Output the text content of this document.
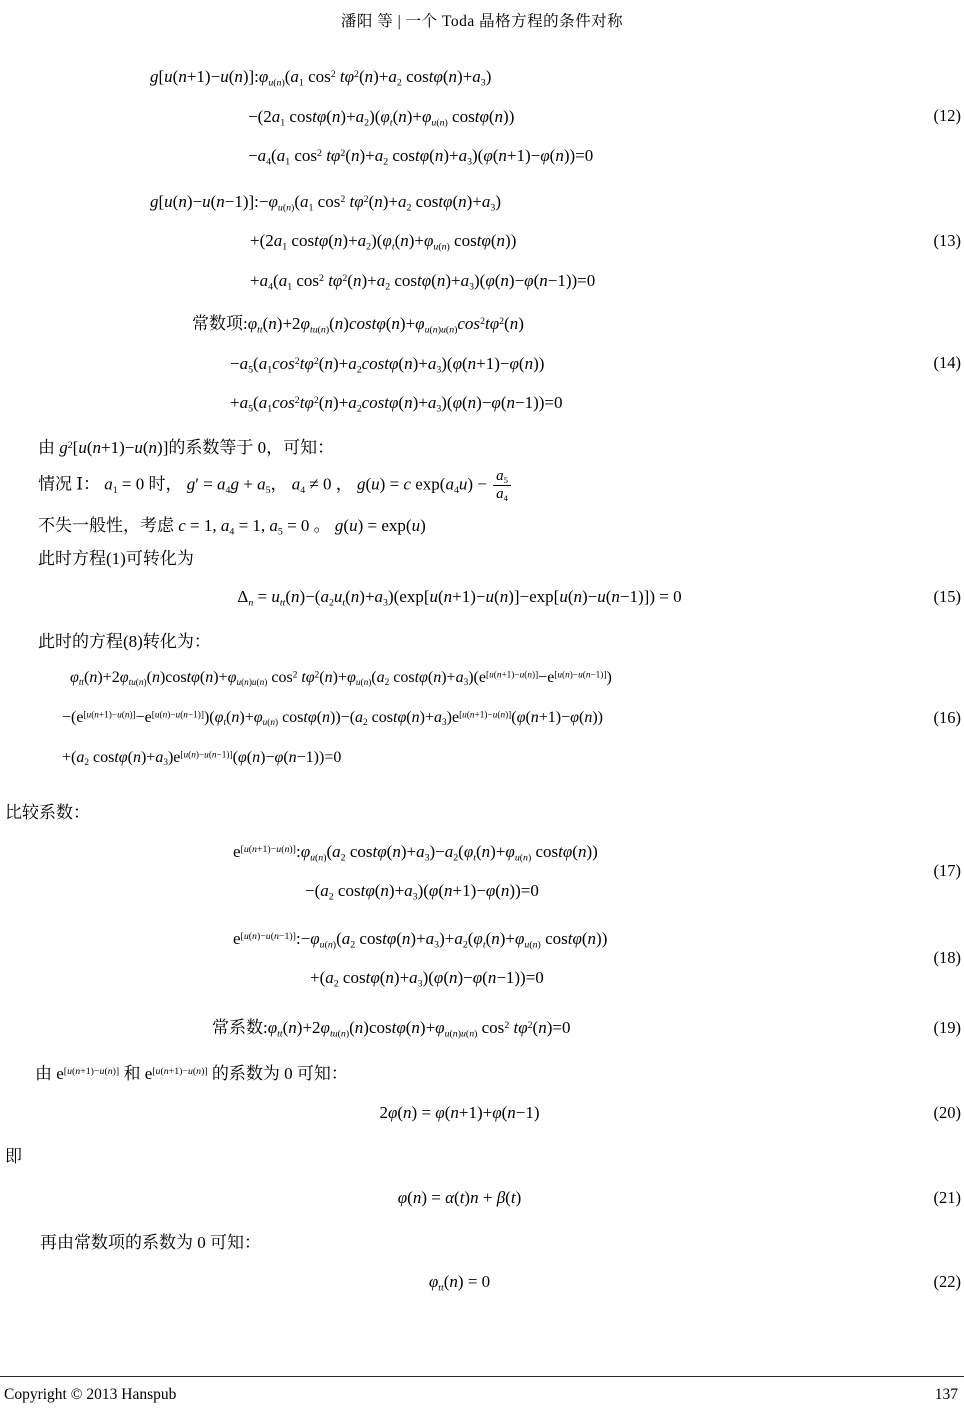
潘阳 等 | 一个 Toda 晶格方程的条件对称
$g[u(n+1)-u(n)]:\varphi_{u(n)}(a_1$ $\cos^2 t\varphi^2(n)+a_2$ $\cos t\varphi(n)+a_3$)
$-(2a_1$ $\cos t\varphi(n)+a_2)(\varphi_t(n)+\varphi_{u(n)}$ costφ(n))
$-a_4(a_1$ $\cos^2 t\varphi^2(n)+a_2$ $\cos t\varphi(n)+a_3)(\varphi(n+1)-\varphi(n))=0$
(12)
$g[u(n)-u(n-1)]:-\varphi_{u(n)}(a_1$ $\cos^2 t\varphi^2(n)+a_2$ $\cos t\varphi(n)+a_3$)
$+(2a_1$ $\cos t\varphi(n)+a_2)(\varphi_t(n)+\varphi_{u(n)}$ costφ(n))
$+a_4(a_1$ $\cos^2 t\varphi^2(n)+a_2$ $\cos t\varphi(n)+a_3)(\varphi(n)-\varphi(n-1))=0$
(13)
常数项$:\varphi_{tt}(n)+2\varphi_{tu(n)}(n)\cos t\varphi(n)+\varphi_{u(n)u(n)}\cos^2t\varphi^2(n)$
$-a_5(a_1\cos^2t\varphi^2(n)+a_2\cos t\varphi(n)+a_3)(\varphi(n+1)-\varphi(n))$
$+a_5(a_1\cos^2t\varphi^2(n)+a_2\cos t\varphi(n)+a_3)(\varphi(n)-\varphi(n-1))=0$
(14)
由 $g^2[u(n+1)-u(n)]$的系数等于 0，可知：
情况 Ⅰ： $a_1 = 0$ 时， $g' = a_4g + a_5$， $a_4 \ne 0$ ， g(u) = c $\exp(a_4u) - \frac{a_5}{a_4}$
不失一般性，考虑 c = 1, $a_4 = 1$, $a_5 = 0$ 。 g(u) = exp(u)
此时方程(1)可转化为
$\Delta_n = u_{tt}(n)-(a_2u_t(n)+a_3)(\exp[u(n+1)-u(n)]-\exp[u(n)-u(n-1)]) = 0$	(15)
此时的方程(8)转化为：
$\varphi_{tt}(n)+2\varphi_{tu(n)}(n)\cos t\varphi(n)+\varphi_{u(n)u(n)}$ $\cos^2 t\varphi^2(n)+\varphi_{u(n)}(a_2$ $\cos t\varphi(n)+a_3)(e[u(n+1)-u(n)]-e[u(n)-u(n-1)])$
$-(e[u(n+1)-u(n)]-e[u(n)-u(n-1)])(\varphi_t(n)+\varphi_{u(n)}$ $\cos t\varphi(n))-(a_2$ $\cos t\varphi(n)+a_3)e[u(n+1)-u(n)](\varphi(n+1)-\varphi(n))$
$+(a_2$ $\cos t\varphi(n)+a_3)e[u(n)-u(n-1)](\varphi(n)-\varphi(n-1))=0$
(16)
比较系数：
$e[u(n+1)-u(n)]:\varphi_{u(n)}(a_2$ $\cos t\varphi(n)+a_3)-a_2(\varphi_t(n)+\varphi_{u(n)}$ costφ(n))
$-(a_2$ $\cos t\varphi(n)+a_3)(\varphi(n+1)-\varphi(n))=0$
(17)
$e[u(n)-u(n-1)]:-\varphi_{u(n)}(a_2$ $\cos t\varphi(n)+a_3)+a_2(\varphi_t(n)+\varphi_{u(n)}$ costφ(n))
$+(a_2$ $\cos t\varphi(n)+a_3)(\varphi(n)-\varphi(n-1))=0$
(18)
常系数$:\varphi_{tt}(n)+2\varphi_{tu(n)}(n)\cos t\varphi(n)+\varphi_{u(n)u(n)}$ $\cos^2 t\varphi^2(n)=0$	(19)
由 e[u(n+1)−u(n)] 和 e[u(n+1)−u(n)] 的系数为 0 可知：
2φ(n) = φ(n+1)+φ(n−1)	(20)
即
φ(n) = α(t)n + β(t)	(21)
再由常数项的系数为 0 可知：
$\varphi_{tt}(n) = 0$	(22)
Copyright © 2013 Hanspub	137
